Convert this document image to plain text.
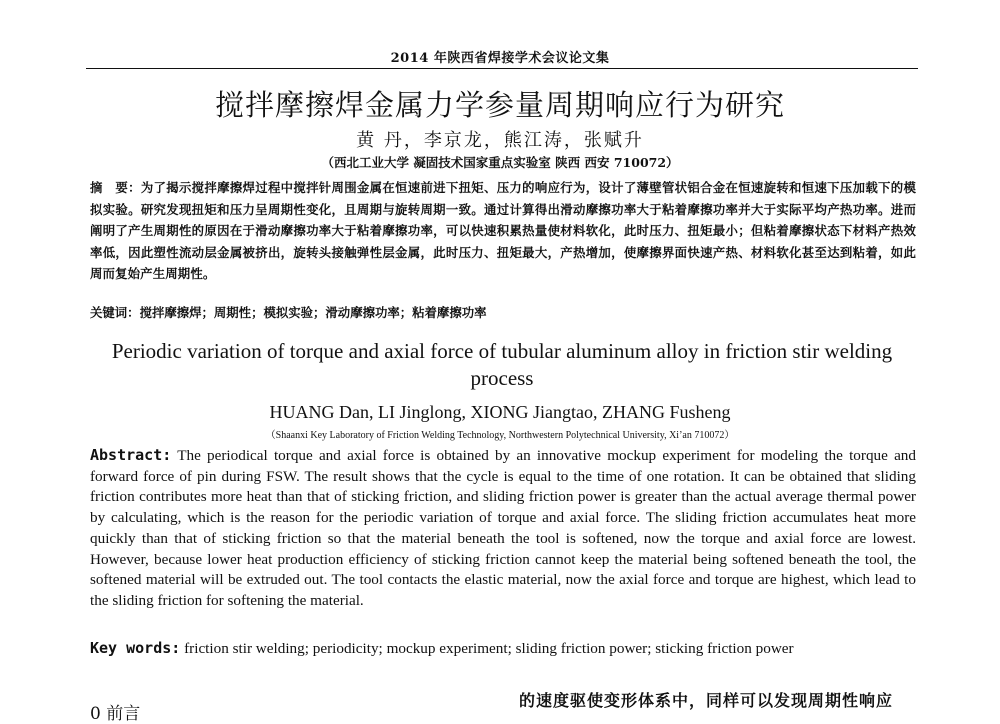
2014 年陕西省焊接学术会议论文集
搅拌摩擦焊金属力学参量周期响应行为研究
黄 丹，李京龙，熊江涛，张赋升
（西北工业大学 凝固技术国家重点实验室 陕西 西安 710072）
摘　要：为了揭示搅拌摩擦焊过程中搅拌针周围金属在恒速前进下扭矩、压力的响应行为，设计了薄壁管状铝合金在恒速旋转和恒速下压加载下的模拟实验。研究发现扭矩和压力呈周期性变化，且周期与旋转周期一致。通过计算得出滑动摩擦功率大于粘着摩擦功率并大于实际平均产热功率。进而阐明了产生周期性的原因在于滑动摩擦功率大于粘着摩擦功率，可以快速积累热量使材料软化，此时压力、扭矩最小；但粘着摩擦状态下材料产热效率低，因此塑性流动层金属被挤出，旋转头接触弹性层金属，此时压力、扭矩最大，产热增加，使摩擦界面快速产热、材料软化甚至达到粘着，如此周而复始产生周期性。
关键词：搅拌摩擦焊；周期性；模拟实验；滑动摩擦功率；粘着摩擦功率
Periodic variation of torque and axial force of tubular aluminum alloy in friction stir welding process
HUANG Dan, LI Jinglong, XIONG Jiangtao, ZHANG Fusheng
（Shaanxi Key Laboratory of Friction Welding Technology, Northwestern Polytechnical University, Xi’an 710072）
Abstract: The periodical torque and axial force is obtained by an innovative mockup experiment for modeling the torque and forward force of pin during FSW. The result shows that the cycle is equal to the time of one rotation. It can be obtained that sliding friction contributes more heat than that of sticking friction, and sliding friction power is greater than the actual average thermal power by calculating, which is the reason for the periodic variation of torque and axial force. The sliding friction accumulates heat more quickly than that of sticking friction so that the material beneath the tool is softened, now the torque and axial force are lowest. However, because lower heat production efficiency of sticking friction cannot keep the material being softened beneath the tool, the softened material will be extruded out. The tool contacts the elastic material, now the axial force and torque are highest, which lead to the sliding friction for softening the material.
Key words: friction stir welding; periodicity; mockup experiment; sliding friction power; sticking friction power
0 前言
的速度驱使变形体系中，同样可以发现周期性响应
